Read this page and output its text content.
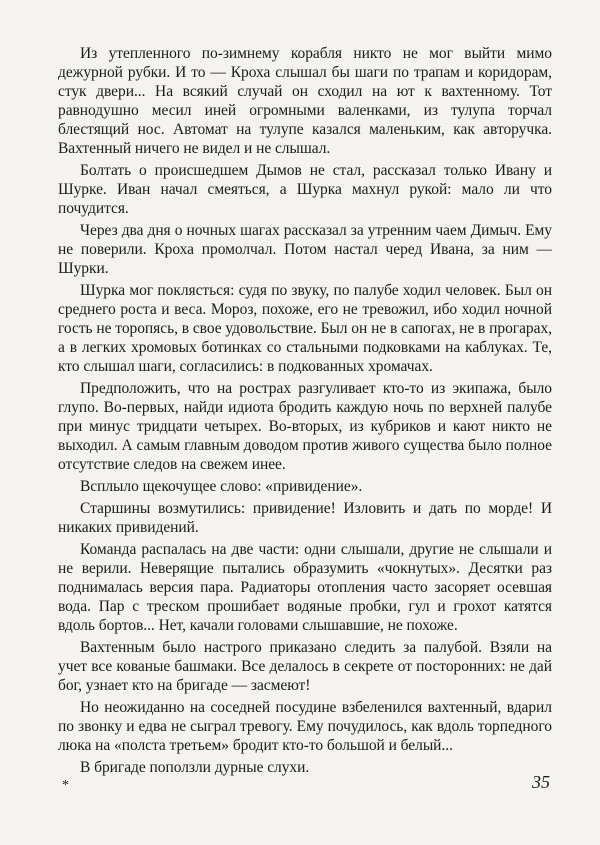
Из утепленного по-зимнему корабля никто не мог выйти мимо дежурной рубки. И то — Кроха слышал бы шаги по трапам и коридорам, стук двери... На всякий случай он сходил на ют к вахтенному. Тот равнодушно месил иней огромными валенками, из тулупа торчал блестящий нос. Автомат на тулупе казался маленьким, как авторучка. Вахтенный ничего не видел и не слышал.

Болтать о происшедшем Дымов не стал, рассказал только Ивану и Шурке. Иван начал смеяться, а Шурка махнул рукой: мало ли что почудится.

Через два дня о ночных шагах рассказал за утренним чаем Димыч. Ему не поверили. Кроха промолчал. Потом настал черед Ивана, за ним — Шурки.

Шурка мог поклясться: судя по звуку, по палубе ходил человек. Был он среднего роста и веса. Мороз, похоже, его не тревожил, ибо ходил ночной гость не торопясь, в свое удовольствие. Был он не в сапогах, не в прогарах, а в легких хромовых ботинках со стальными подковками на каблуках. Те, кто слышал шаги, согласились: в подкованных хромачах.

Предположить, что на рострах разгуливает кто-то из экипажа, было глупо. Во-первых, найди идиота бродить каждую ночь по верхней палубе при минус тридцати четырех. Во-вторых, из кубриков и кают никто не выходил. А самым главным доводом против живого существа было полное отсутствие следов на свежем инее.

Всплыло щекочущее слово: «привидение».

Старшины возмутились: привидение! Изловить и дать по морде! И никаких привидений.

Команда распалась на две части: одни слышали, другие не слышали и не верили. Неверящие пытались образумить «чокнутых». Десятки раз поднималась версия пара. Радиаторы отопления часто засоряет осевшая вода. Пар с треском прошибает водяные пробки, гул и грохот катятся вдоль бортов... Нет, качали головами слышавшие, не похоже.

Вахтенным было настрого приказано следить за палубой. Взяли на учет все кованые башмаки. Все делалось в секрете от посторонних: не дай бог, узнает кто на бригаде — засмеют!

Но неожиданно на соседней посудине взбеленился вахтенный, вдарил по звонку и едва не сыграл тревогу. Ему почудилось, как вдоль торпедного люка на «полста третьем» бродит кто-то большой и белый...

В бригаде поползли дурные слухи.

*	35
